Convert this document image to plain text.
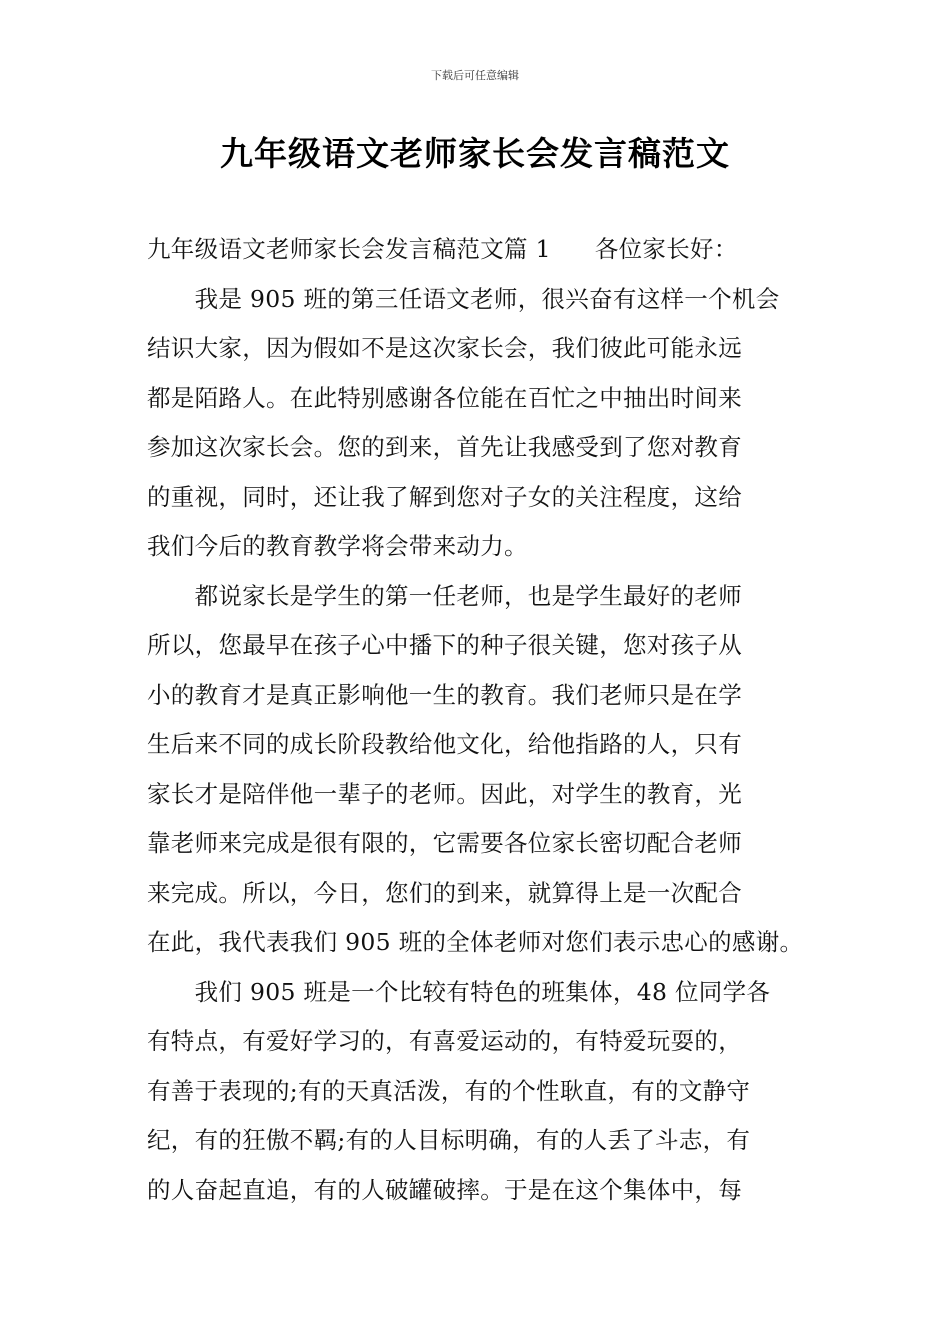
下载后可任意编辑
九年级语文老师家长会发言稿范文
九年级语文老师家长会发言稿范文篇 1 各位家长好：
　　我是 905 班的第三任语文老师，很兴奋有这样一个机会
结识大家，因为假如不是这次家长会，我们彼此可能永远
都是陌路人。在此特别感谢各位能在百忙之中抽出时间来
参加这次家长会。您的到来，首先让我感受到了您对教育
的重视，同时，还让我了解到您对子女的关注程度，这给
我们今后的教育教学将会带来动力。
　　都说家长是学生的第一任老师，也是学生最好的老师
所以，您最早在孩子心中播下的种子很关键，您对孩子从
小的教育才是真正影响他一生的教育。我们老师只是在学
生后来不同的成长阶段教给他文化，给他指路的人，只有
家长才是陪伴他一辈子的老师。因此，对学生的教育，光
靠老师来完成是很有限的，它需要各位家长密切配合老师
来完成。所以，今日，您们的到来，就算得上是一次配合
在此，我代表我们 905 班的全体老师对您们表示忠心的感谢。
　　我们 905 班是一个比较有特色的班集体，48 位同学各
有特点，有爱好学习的，有喜爱运动的，有特爱玩耍的，
有善于表现的;有的天真活泼，有的个性耿直，有的文静守
纪，有的狂傲不羁;有的人目标明确，有的人丢了斗志，有
的人奋起直追，有的人破罐破摔。于是在这个集体中，每
